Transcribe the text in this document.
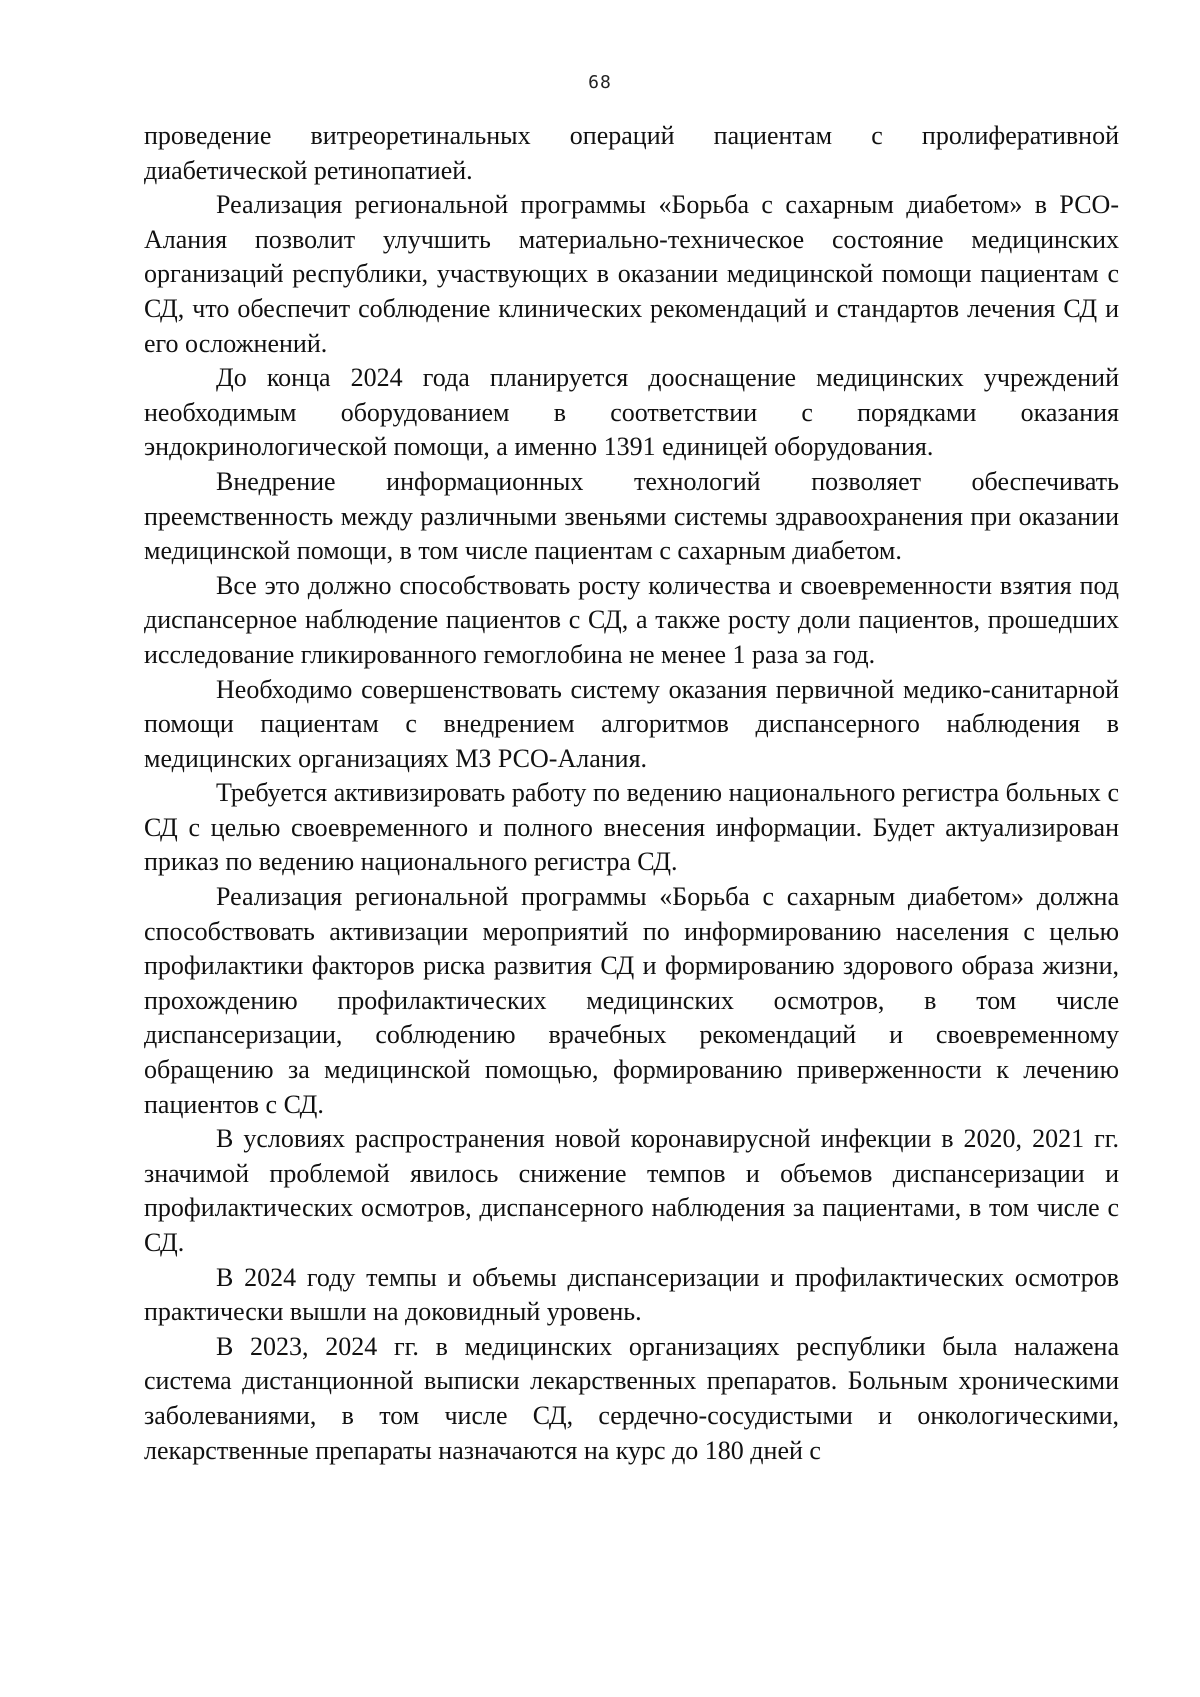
68

проведение витреоретинальных операций пациентам с пролиферативной диабетической ретинопатией.

Реализация региональной программы «Борьба с сахарным диабетом» в РСО-Алания позволит улучшить материально-техническое состояние медицинских организаций республики, участвующих в оказании медицинской помощи пациентам с СД, что обеспечит соблюдение клинических рекомендаций и стандартов лечения СД и его осложнений.

До конца 2024 года планируется дооснащение медицинских учреждений необходимым оборудованием в соответствии с порядками оказания эндокринологической помощи, а именно 1391 единицей оборудования.

Внедрение информационных технологий позволяет обеспечивать преемственность между различными звеньями системы здравоохранения при оказании медицинской помощи, в том числе пациентам с сахарным диабетом.

Все это должно способствовать росту количества и своевременности взятия под диспансерное наблюдение пациентов с СД, а также росту доли пациентов, прошедших исследование гликированного гемоглобина не менее 1 раза за год.

Необходимо совершенствовать систему оказания первичной медико-санитарной помощи пациентам с внедрением алгоритмов диспансерного наблюдения в медицинских организациях МЗ РСО-Алания.

Требуется активизировать работу по ведению национального регистра больных с СД с целью своевременного и полного внесения информации. Будет актуализирован приказ по ведению национального регистра СД.

Реализация региональной программы «Борьба с сахарным диабетом» должна способствовать активизации мероприятий по информированию населения с целью профилактики факторов риска развития СД и формированию здорового образа жизни, прохождению профилактических медицинских осмотров, в том числе диспансеризации, соблюдению врачебных рекомендаций и своевременному обращению за медицинской помощью, формированию приверженности к лечению пациентов с СД.

В условиях распространения новой коронавирусной инфекции в 2020, 2021 гг. значимой проблемой явилось снижение темпов и объемов диспансеризации и профилактических осмотров, диспансерного наблюдения за пациентами, в том числе с СД.

В 2024 году темпы и объемы диспансеризации и профилактических осмотров практически вышли на доковидный уровень.

В 2023, 2024 гг. в медицинских организациях республики была налажена система дистанционной выписки лекарственных препаратов. Больным хроническими заболеваниями, в том числе СД, сердечно-сосудистыми и онкологическими, лекарственные препараты назначаются на курс до 180 дней с
